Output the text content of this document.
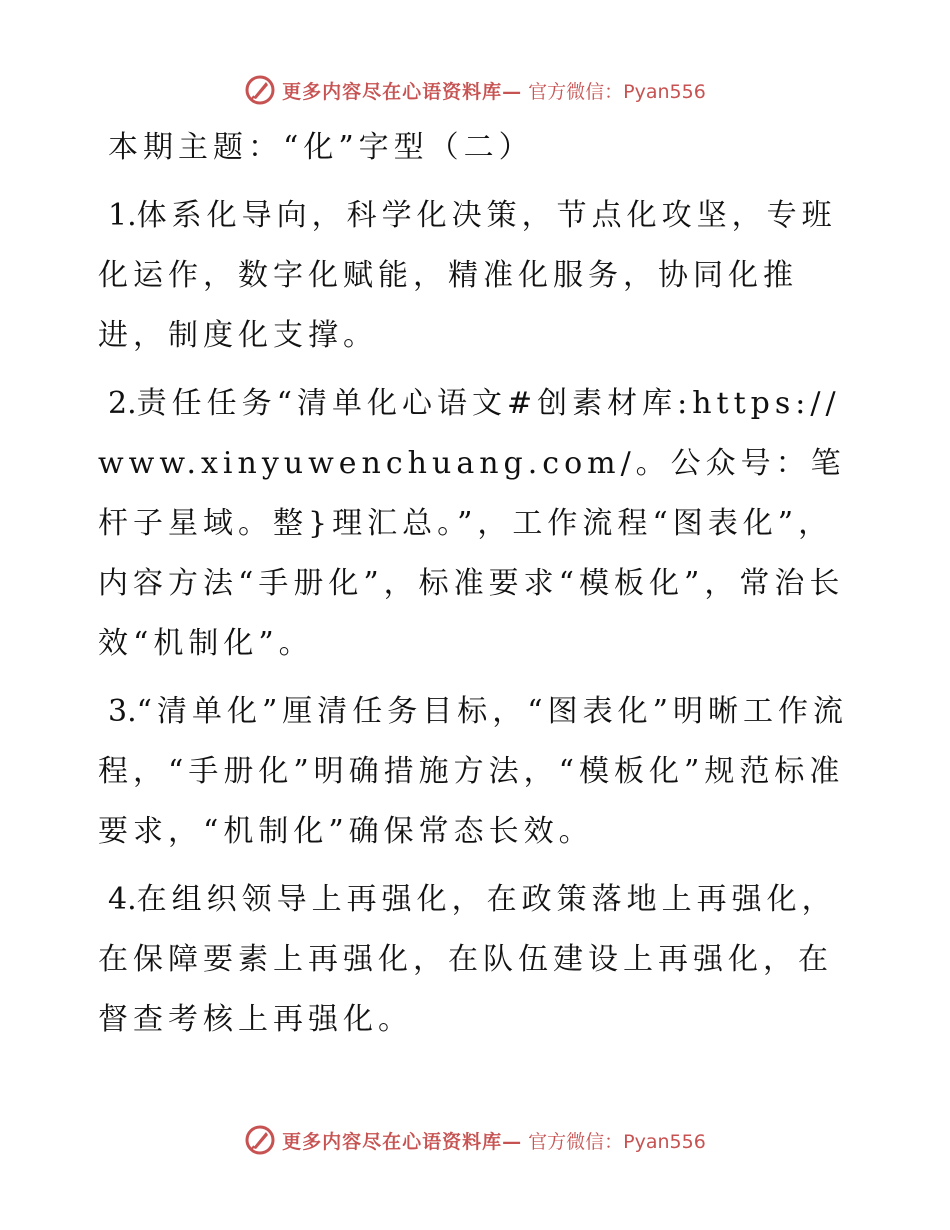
更多内容尽在心语资料库— 官方微信：Pyan556
本期主题：“化”字型（二）
1.体系化导向，科学化决策，节点化攻坚，专班化运作，数字化赋能，精准化服务，协同化推进，制度化支撑。
2.责任任务“清单化心语文#创素材库:https://www.xinyuwenchuang.com/。公众号：笔杆子星域。整}理汇总。”，工作流程“图表化”，内容方法“手册化”，标准要求“模板化”，常治长效“机制化”。
3.“清单化”厘清任务目标，“图表化”明晰工作流程，“手册化”明确措施方法，“模板化”规范标准要求，“机制化”确保常态长效。
4.在组织领导上再强化，在政策落地上再强化，在保障要素上再强化，在队伍建设上再强化，在督查考核上再强化。
更多内容尽在心语资料库— 官方微信：Pyan556
